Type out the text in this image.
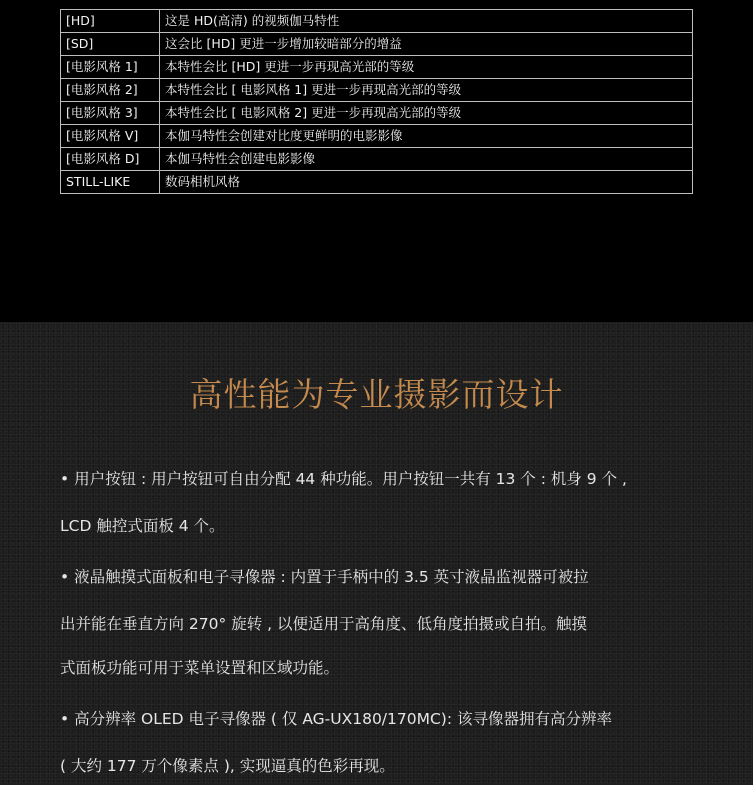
[HD]	这是 HD(高清) 的视频伽马特性
[SD]	这会比 [HD] 更进一步增加较暗部分的增益
[电影风格 1]	本特性会比 [HD] 更进一步再现高光部的等级
[电影风格 2]	本特性会比 [ 电影风格 1] 更进一步再现高光部的等级
[电影风格 3]	本特性会比 [ 电影风格 2] 更进一步再现高光部的等级
[电影风格 V]	本伽马特性会创建对比度更鲜明的电影影像
[电影风格 D]	本伽马特性会创建电影影像
STILL-LIKE	数码相机风格
高性能为专业摄影而设计

• 用户按钮 : 用户按钮可自由分配 44 种功能。用户按钮一共有 13 个 : 机身 9 个 ,

LCD 触控式面板 4 个。

• 液晶触摸式面板和电子寻像器 : 内置于手柄中的 3.5 英寸液晶监视器可被拉

出并能在垂直方向 270° 旋转 , 以便适用于高角度、低角度拍摄或自拍。触摸

式面板功能可用于菜单设置和区域功能。

• 高分辨率 OLED 电子寻像器 ( 仅 AG-UX180/170MC): 该寻像器拥有高分辨率

( 大约 177 万个像素点 ), 实现逼真的色彩再现。
